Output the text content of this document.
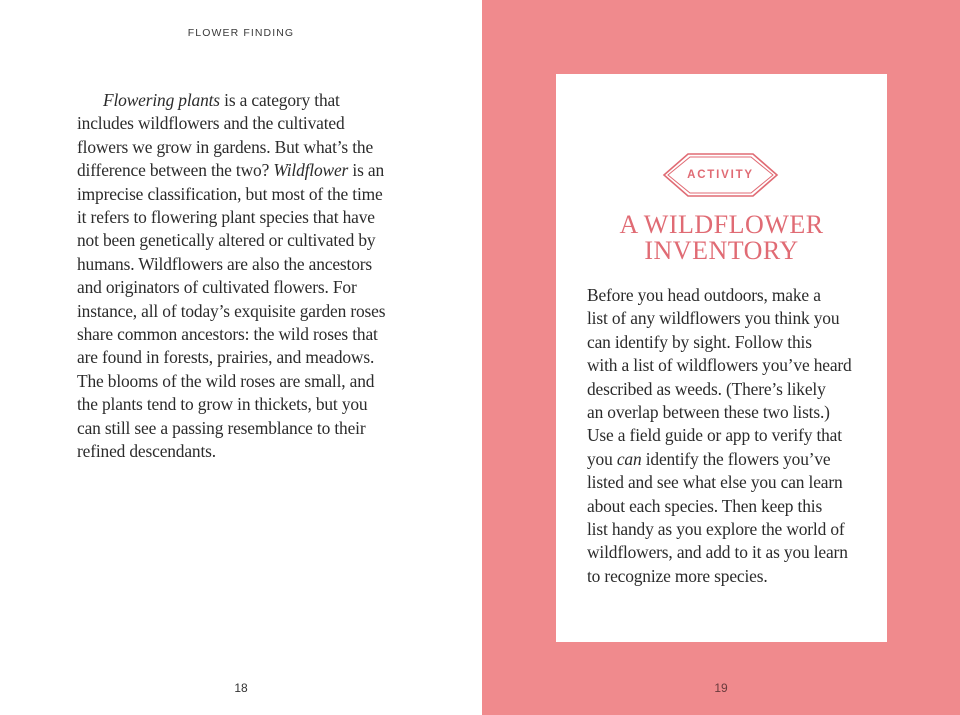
FLOWER FINDING
Flowering plants is a category that
includes wildflowers and the cultivated
flowers we grow in gardens. But what’s the
difference between the two? Wildflower is an
imprecise classification, but most of the time
it refers to flowering plant species that have
not been genetically altered or cultivated by
humans. Wildflowers are also the ancestors
and originators of cultivated flowers. For
instance, all of today’s exquisite garden roses
share common ancestors: the wild roses that
are found in forests, prairies, and meadows.
The blooms of the wild roses are small, and
the plants tend to grow in thickets, but you
can still see a passing resemblance to their
refined descendants.
18
ACTIVITY
A WILDFLOWER
INVENTORY
Before you head outdoors, make a
list of any wildflowers you think you
can identify by sight. Follow this
with a list of wildflowers you’ve heard
described as weeds. (There’s likely
an overlap between these two lists.)
Use a field guide or app to verify that
you can identify the flowers you’ve
listed and see what else you can learn
about each species. Then keep this
list handy as you explore the world of
wildflowers, and add to it as you learn
to recognize more species.
19
